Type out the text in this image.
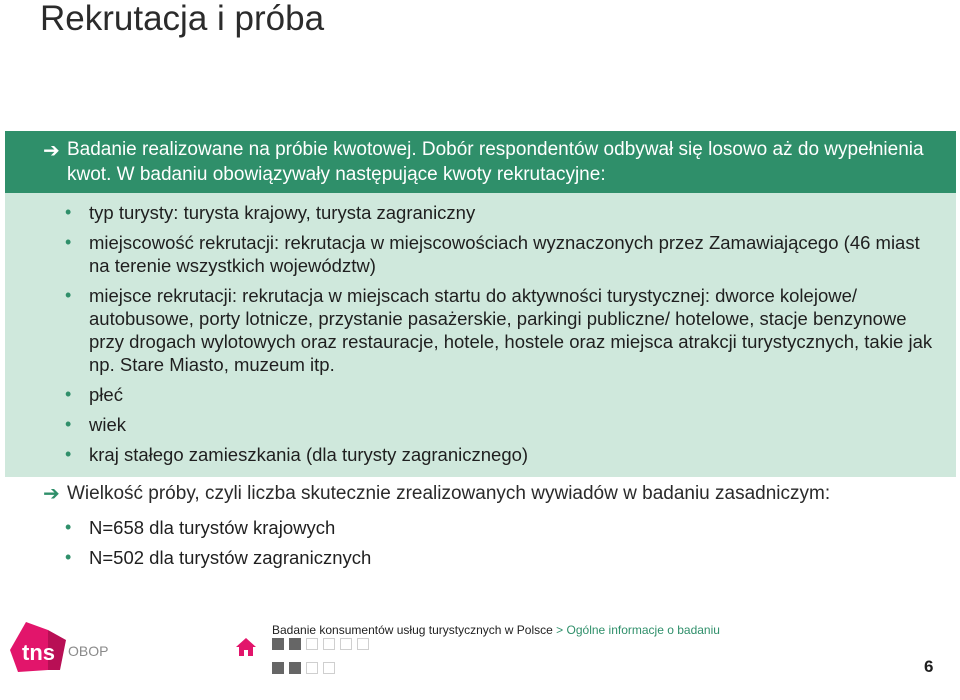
Rekrutacja i próba
➔ Badanie realizowane na próbie kwotowej. Dobór respondentów odbywał się losowo aż do wypełnienia kwot. W badaniu obowiązywały następujące kwoty rekrutacyjne:
• typ turysty: turysta krajowy, turysta zagraniczny
• miejscowość rekrutacji: rekrutacja w miejscowościach wyznaczonych przez Zamawiającego (46 miast na terenie wszystkich województw)
• miejsce rekrutacji: rekrutacja w miejscach startu do aktywności turystycznej: dworce kolejowe/ autobusowe, porty lotnicze, przystanie pasażerskie, parkingi publiczne/ hotelowe, stacje benzynowe przy drogach wylotowych oraz restauracje, hotele, hostele oraz miejsca atrakcji turystycznych, takie jak np. Stare Miasto, muzeum itp.
• płeć
• wiek
• kraj stałego zamieszkania (dla turysty zagranicznego)
➔ Wielkość próby, czyli liczba skutecznie zrealizowanych wywiadów w badaniu zasadniczym:
• N=658 dla turystów krajowych
• N=502 dla turystów zagranicznych
tns OBOP
Badanie konsumentów usług turystycznych w Polsce > Ogólne informacje o badaniu
6
